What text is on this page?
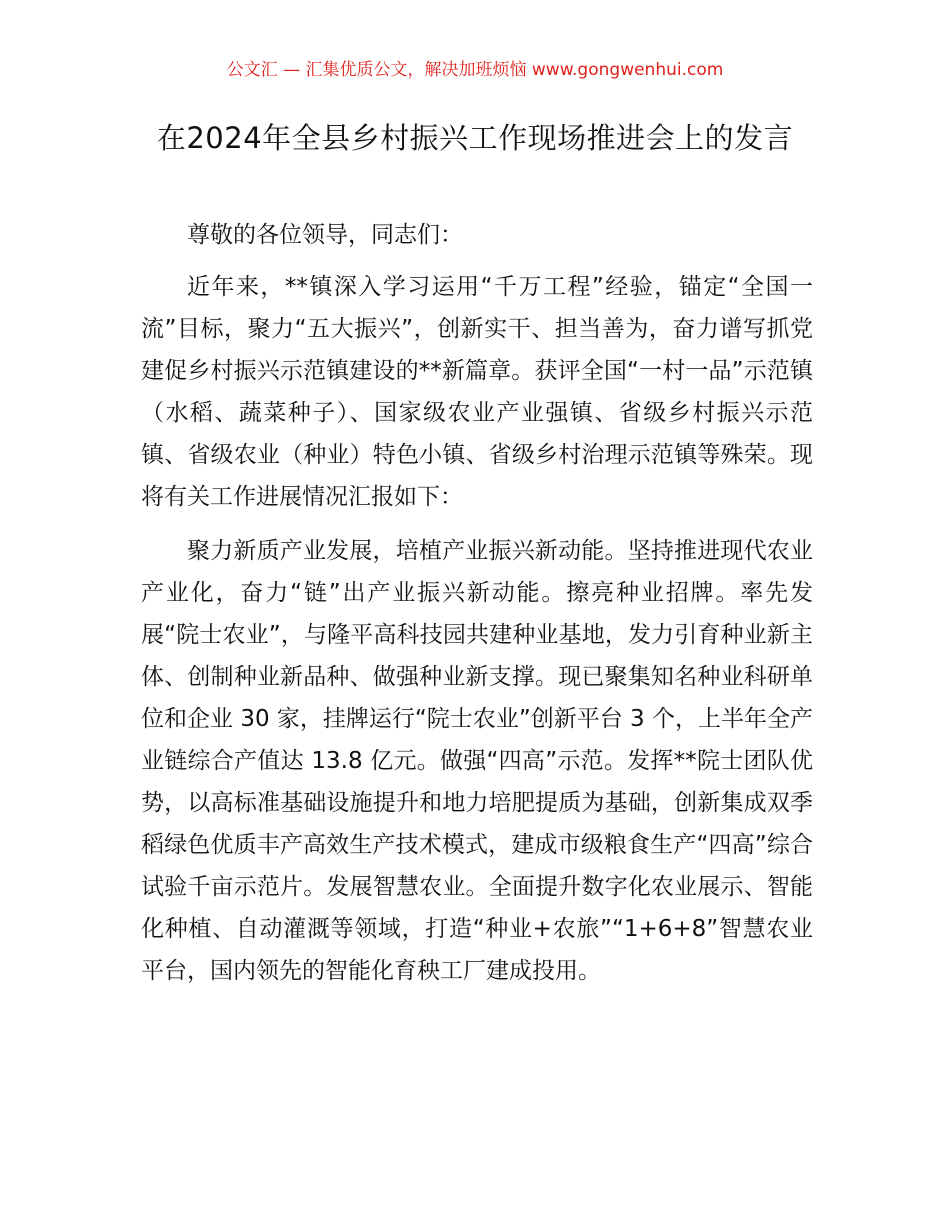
公文汇 — 汇集优质公文，解决加班烦恼 www.gongwenhui.com
在2024年全县乡村振兴工作现场推进会上的发言

尊敬的各位领导，同志们：

近年来，**镇深入学习运用“千万工程”经验，锚定“全国一流”目标，聚力“五大振兴”，创新实干、担当善为，奋力谱写抓党建促乡村振兴示范镇建设的**新篇章。获评全国“一村一品”示范镇（水稻、蔬菜种子）、国家级农业产业强镇、省级乡村振兴示范镇、省级农业（种业）特色小镇、省级乡村治理示范镇等殊荣。现将有关工作进展情况汇报如下：

聚力新质产业发展，培植产业振兴新动能。坚持推进现代农业产业化，奋力“链”出产业振兴新动能。擦亮种业招牌。率先发展“院士农业”，与隆平高科技园共建种业基地，发力引育种业新主体、创制种业新品种、做强种业新支撑。现已聚集知名种业科研单位和企业 30 家，挂牌运行“院士农业”创新平台 3 个，上半年全产业链综合产值达 13.8 亿元。做强“四高”示范。发挥**院士团队优势，以高标准基础设施提升和地力培肥提质为基础，创新集成双季稻绿色优质丰产高效生产技术模式，建成市级粮食生产“四高”综合试验千亩示范片。发展智慧农业。全面提升数字化农业展示、智能化种植、自动灌溉等领域，打造“种业+农旅”“1+6+8”智慧农业平台，国内领先的智能化育秧工厂建成投用。
